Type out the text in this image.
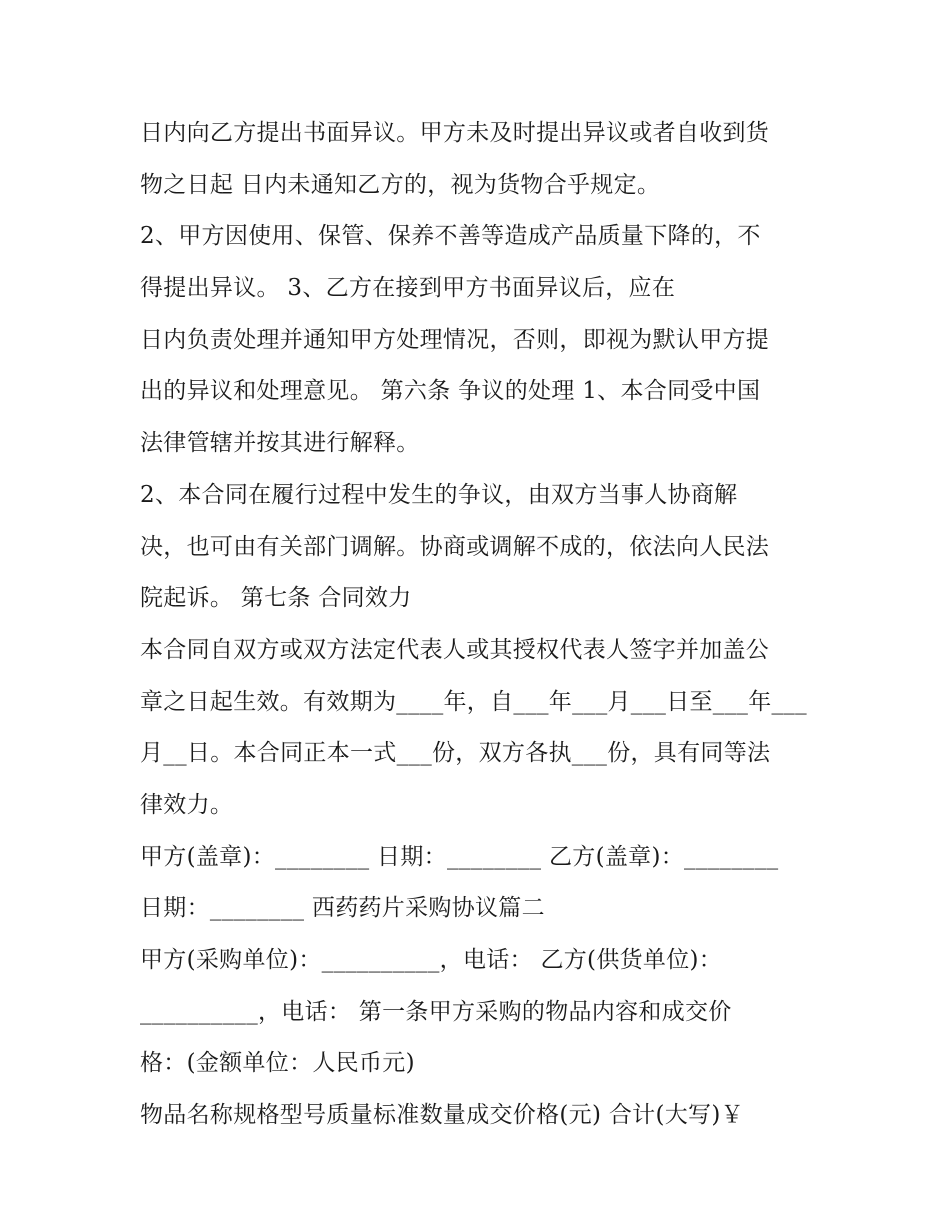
日内向乙方提出书面异议。甲方未及时提出异议或者自收到货
物之日起 日内未通知乙方的，视为货物合乎规定。
2、甲方因使用、保管、保养不善等造成产品质量下降的，不
得提出异议。 3、乙方在接到甲方书面异议后，应在
日内负责处理并通知甲方处理情况，否则，即视为默认甲方提
出的异议和处理意见。 第六条 争议的处理 1、本合同受中国
法律管辖并按其进行解释。
2、本合同在履行过程中发生的争议，由双方当事人协商解
决，也可由有关部门调解。协商或调解不成的，依法向人民法
院起诉。 第七条 合同效力
本合同自双方或双方法定代表人或其授权代表人签字并加盖公
章之日起生效。有效期为____年，自___年___月___日至___年___
月__日。本合同正本一式___份，双方各执___份，具有同等法
律效力。
甲方(盖章)：________ 日期：________ 乙方(盖章)：________
日期：________ 西药药片采购协议篇二
甲方(采购单位)：__________，电话： 乙方(供货单位)：
__________，电话： 第一条甲方采购的物品内容和成交价
格：(金额单位：人民币元)
物品名称规格型号质量标准数量成交价格(元) 合计(大写)￥
